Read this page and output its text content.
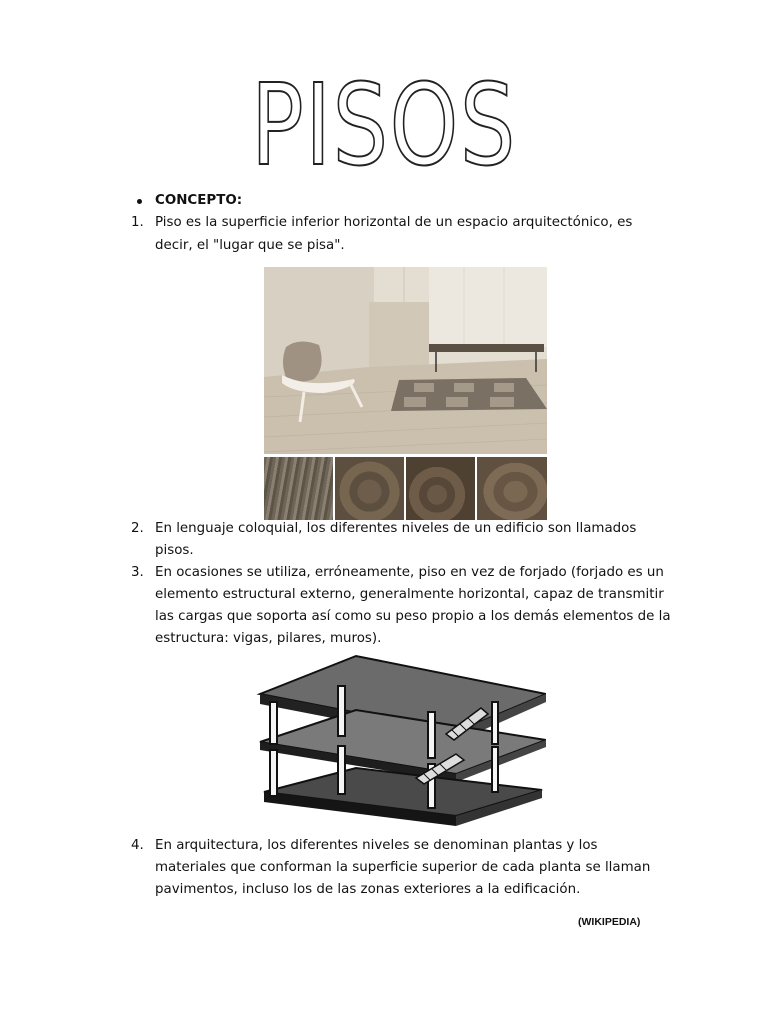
PISOS
CONCEPTO:
1. Piso es la superficie inferior horizontal de un espacio arquitectónico, es
decir, el "lugar que se pisa".
2. En lenguaje coloquial, los diferentes niveles de un edificio son llamados
pisos.
3. En ocasiones se utiliza, erróneamente, piso en vez de forjado (forjado es un
elemento estructural externo, generalmente horizontal, capaz de transmitir
las cargas que soporta así como su peso propio a los demás elementos de la
estructura: vigas, pilares, muros).
4. En arquitectura, los diferentes niveles se denominan plantas y los
materiales que conforman la superficie superior de cada planta se llaman
pavimentos, incluso los de las zonas exteriores a la edificación.
(WIKIPEDIA)
